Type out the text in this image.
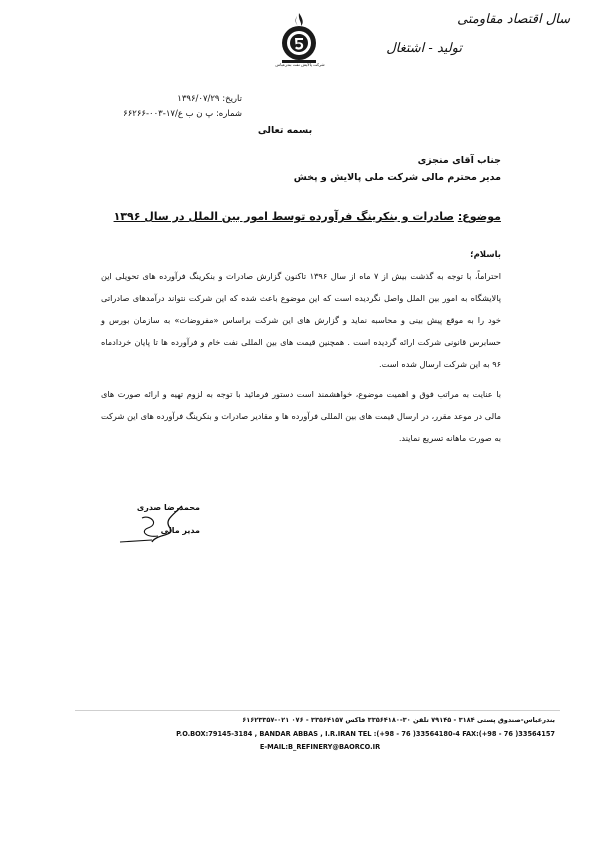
شرکت پالایش نفت بندرعباس
سال اقتصاد مقاومتی
تولید - اشتغال
تاریخ: ۱۳۹۶/۰۷/۲۹
شماره: پ ن ب ع/۱۷-۰۰۳-۶۶۲۶۶
بسمه تعالی
جناب آقای منجزی
مدیر محترم مالی شرکت ملی پالایش و پخش
موضوع: صادرات و بنکرینگ فرآورده توسط امور بین الملل در سال ۱۳۹۶
باسلام؛
احتراماً، با توجه به گذشت بیش از ۷ ماه از سال ۱۳۹۶ تاکنون گزارش صادرات و بنکرینگ فرآورده های تحویلی این پالایشگاه به امور بین الملل واصل نگردیده است که این موضوع باعث شده که این شرکت نتواند درآمدهای صادراتی خود را به موقع پیش بینی و محاسبه نماید و گزارش های این شرکت براساس «مفروضات» به سازمان بورس و حسابرس قانونی شرکت ارائه گردیده است . همچنین قیمت های بین المللی نفت خام و فرآورده ها تا پایان خردادماه ۹۶ به این شرکت ارسال شده است.
با عنایت به مراتب فوق و اهمیت موضوع، خواهشمند است دستور فرمائید با توجه به لزوم تهیه و ارائه صورت های مالی در موعد مقرر، در ارسال قیمت های بین المللی فرآورده ها و مقادیر صادرات و بنکرینگ فرآورده های این شرکت به صورت ماهانه تسریع نمایند.
محمدرضا صدری
مدیر مالی
بندرعباس-صندوق پستی ۳۱۸۴ - ۷۹۱۴۵ تلفن ۳۰-۳۳۵۶۴۱۸۰ فاکس ۳۳۵۶۴۱۵۷ - ۰۷۶ ۰۲۱-۶۱۶۲۳۳۵۷
P.O.BOX:79145-3184 , BANDAR ABBAS , I.R.IRAN TEL :(+98 - 76 )33564180-4 FAX:(+98 - 76 )33564157
E-MAIL:B_REFINERY@BAORCO.IR
